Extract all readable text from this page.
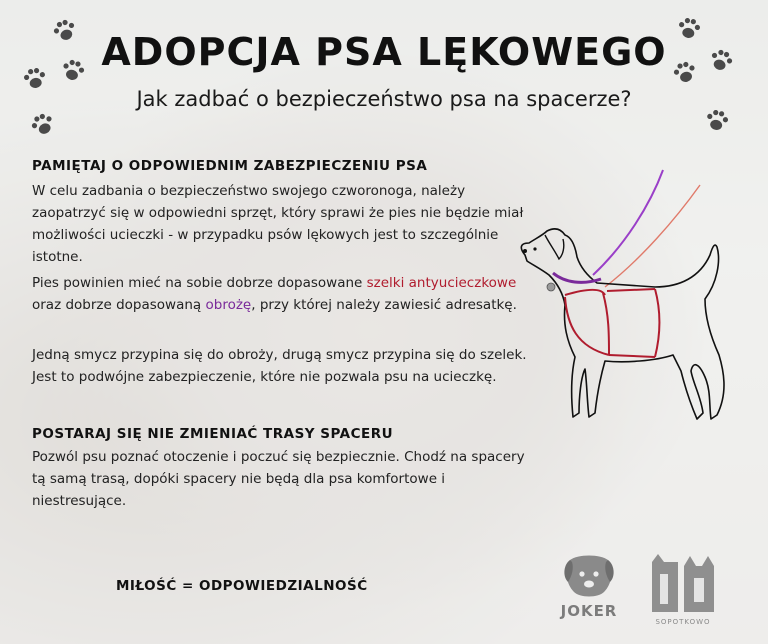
ADOPCJA PSA LĘKOWEGO

Jak zadbać o bezpieczeństwo psa na spacerze?

PAMIĘTAJ O ODPOWIEDNIM ZABEZPIECZENIU PSA

W celu zadbania o bezpieczeństwo swojego czworonoga, należy zaopatrzyć się w odpowiedni sprzęt, który sprawi że pies nie będzie miał możliwości ucieczki - w przypadku psów lękowych jest to szczególnie istotne.

Pies powinien mieć na sobie dobrze dopasowane szelki antyucieczkowe oraz dobrze dopasowaną obrożę, przy której należy zawiesić adresatkę.

Jedną smycz przypina się do obroży, drugą smycz przypina się do szelek. Jest to podwójne zabezpieczenie, które nie pozwala psu na ucieczkę.

POSTARAJ SIĘ NIE ZMIENIAĆ TRASY SPACERU

Pozwól psu poznać otoczenie i poczuć się bezpiecznie. Chodź na spacery tą samą trasą, dopóki spacery nie będą dla psa komfortowe i niestresujące.

MIŁOŚĆ = ODPOWIEDZIALNOŚĆ

JOKER
SOPOTKOWO
